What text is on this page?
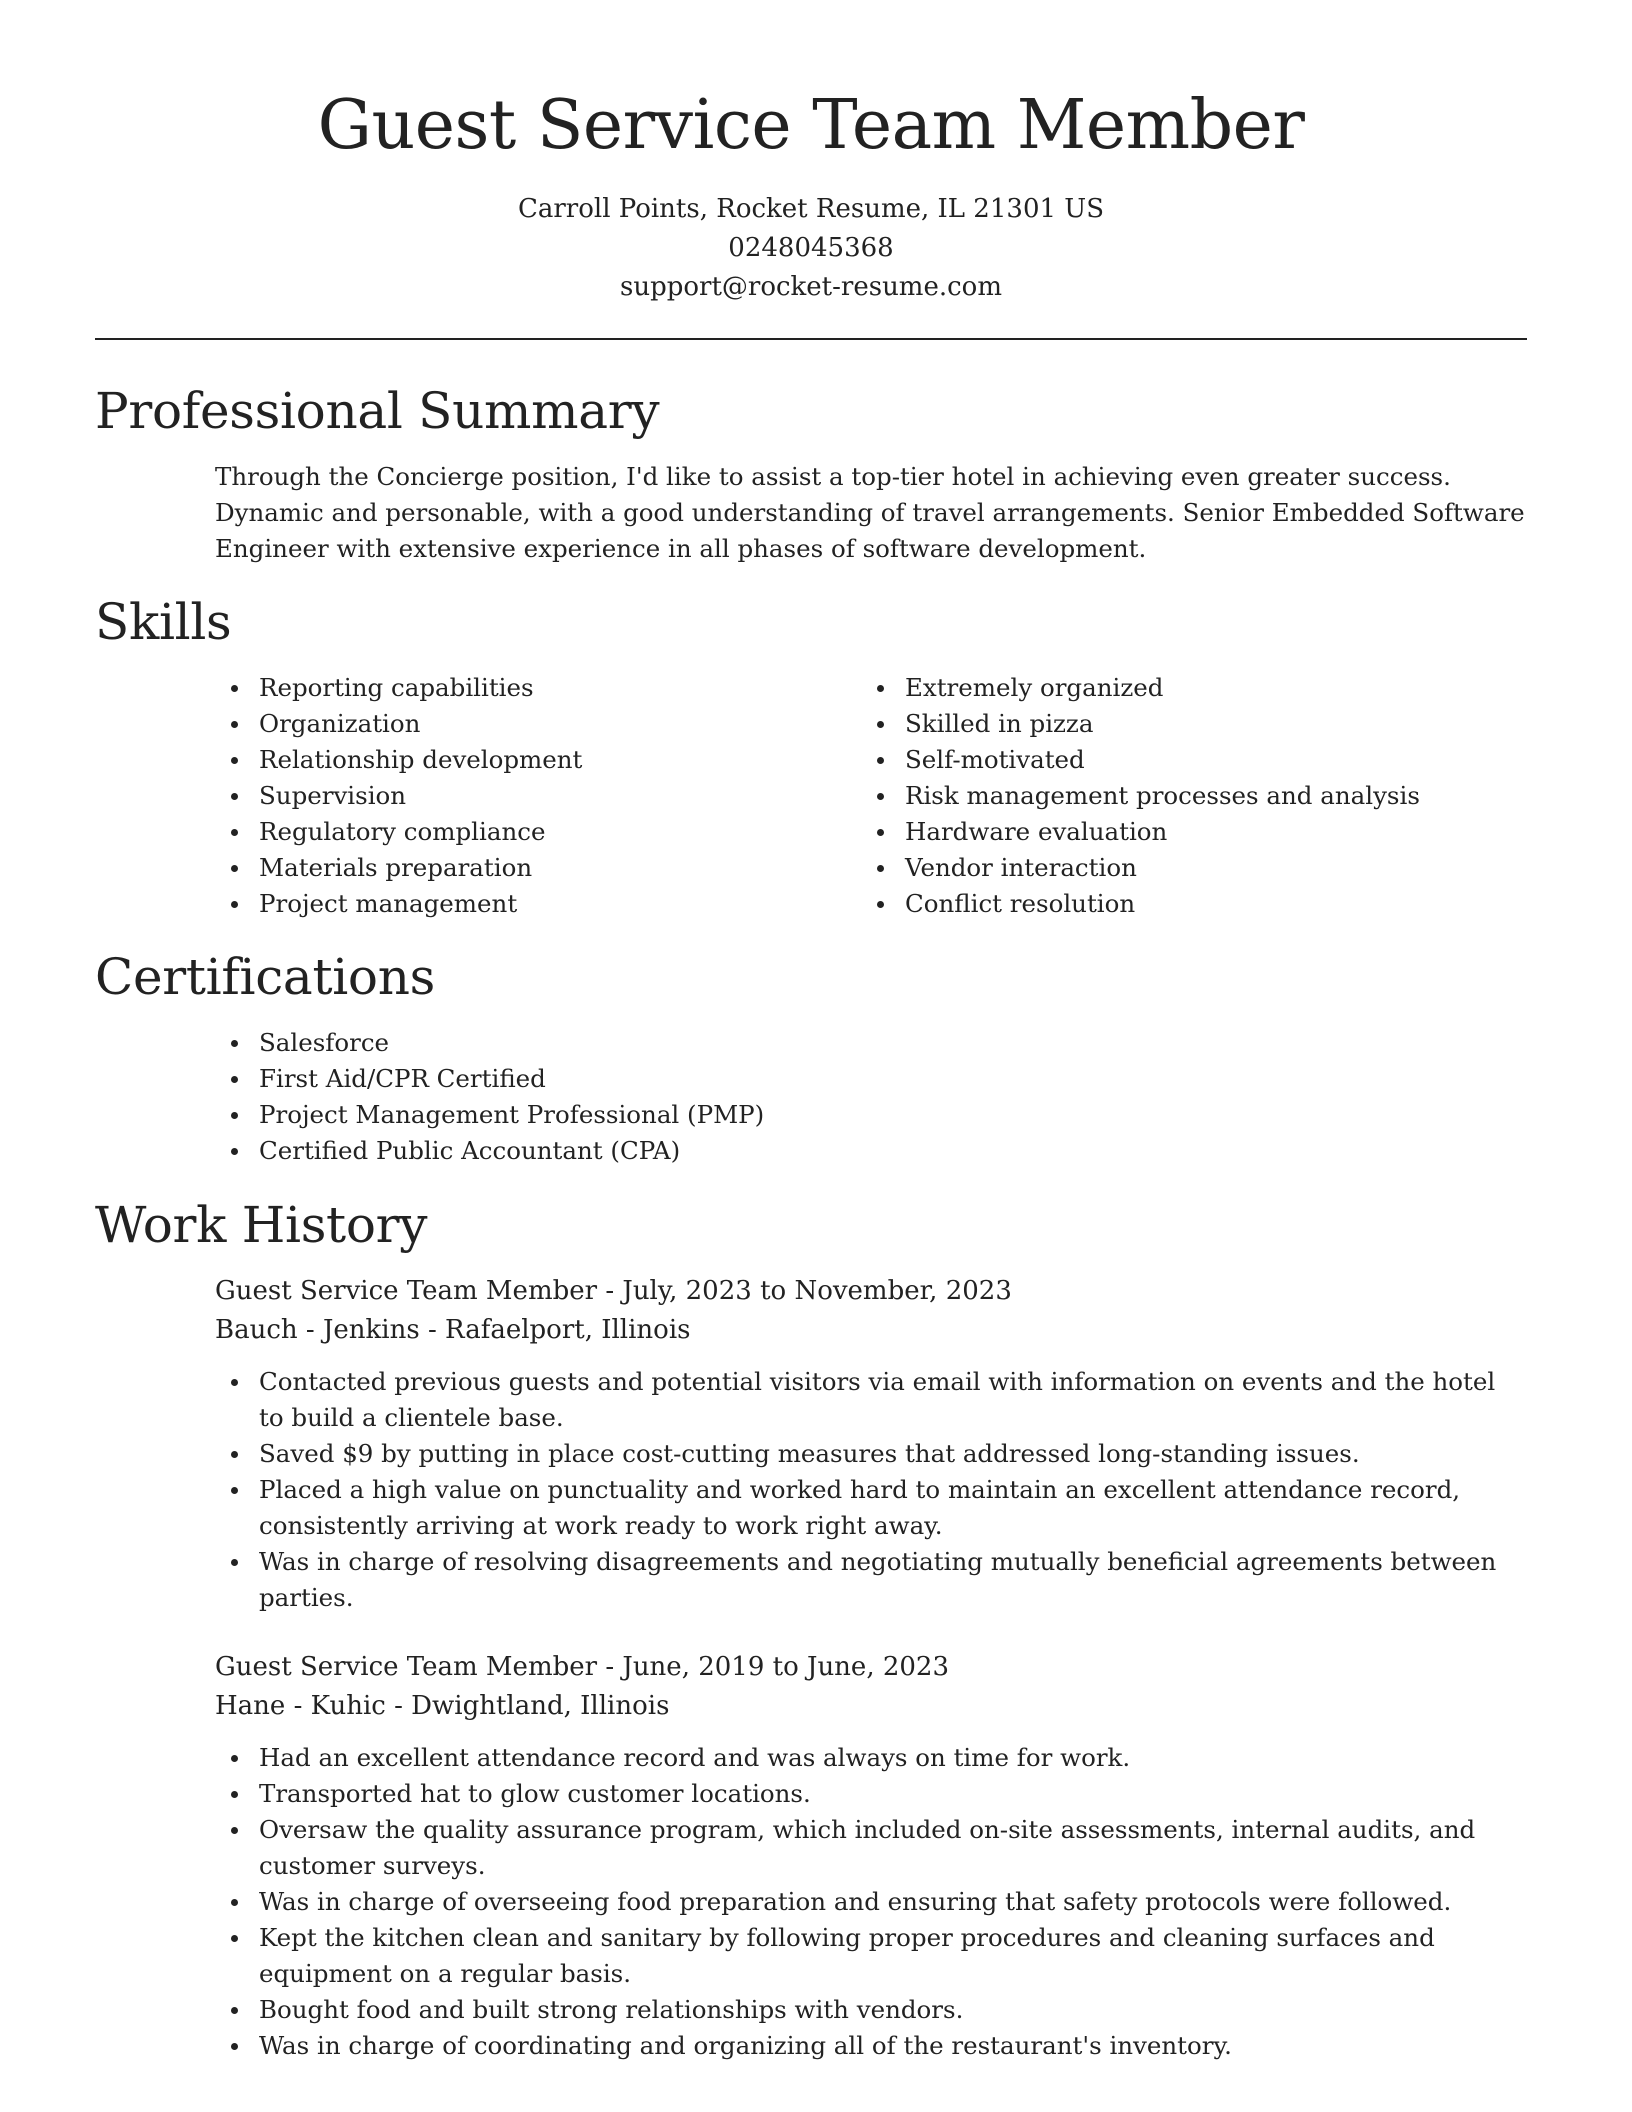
Guest Service Team Member
Carroll Points, Rocket Resume, IL 21301 US
0248045368
support@rocket-resume.com
Professional Summary

Through the Concierge position, I'd like to assist a top-tier hotel in achieving even greater success. Dynamic and personable, with a good understanding of travel arrangements. Senior Embedded Software Engineer with extensive experience in all phases of software development.

Skills
Reporting capabilities
Organization
Relationship development
Supervision
Regulatory compliance
Materials preparation
Project management
Extremely organized
Skilled in pizza
Self-motivated
Risk management processes and analysis
Hardware evaluation
Vendor interaction
Conflict resolution
Certifications
Salesforce
First Aid/CPR Certified
Project Management Professional (PMP)
Certified Public Accountant (CPA)
Work History
Guest Service Team Member - July, 2023 to November, 2023
Bauch - Jenkins - Rafaelport, Illinois
Contacted previous guests and potential visitors via email with information on events and the hotel to build a clientele base.
Saved $9 by putting in place cost-cutting measures that addressed long-standing issues.
Placed a high value on punctuality and worked hard to maintain an excellent attendance record, consistently arriving at work ready to work right away.
Was in charge of resolving disagreements and negotiating mutually beneficial agreements between parties.
Guest Service Team Member - June, 2019 to June, 2023
Hane - Kuhic - Dwightland, Illinois
Had an excellent attendance record and was always on time for work.
Transported hat to glow customer locations.
Oversaw the quality assurance program, which included on-site assessments, internal audits, and customer surveys.
Was in charge of overseeing food preparation and ensuring that safety protocols were followed.
Kept the kitchen clean and sanitary by following proper procedures and cleaning surfaces and equipment on a regular basis.
Bought food and built strong relationships with vendors.
Was in charge of coordinating and organizing all of the restaurant's inventory.
